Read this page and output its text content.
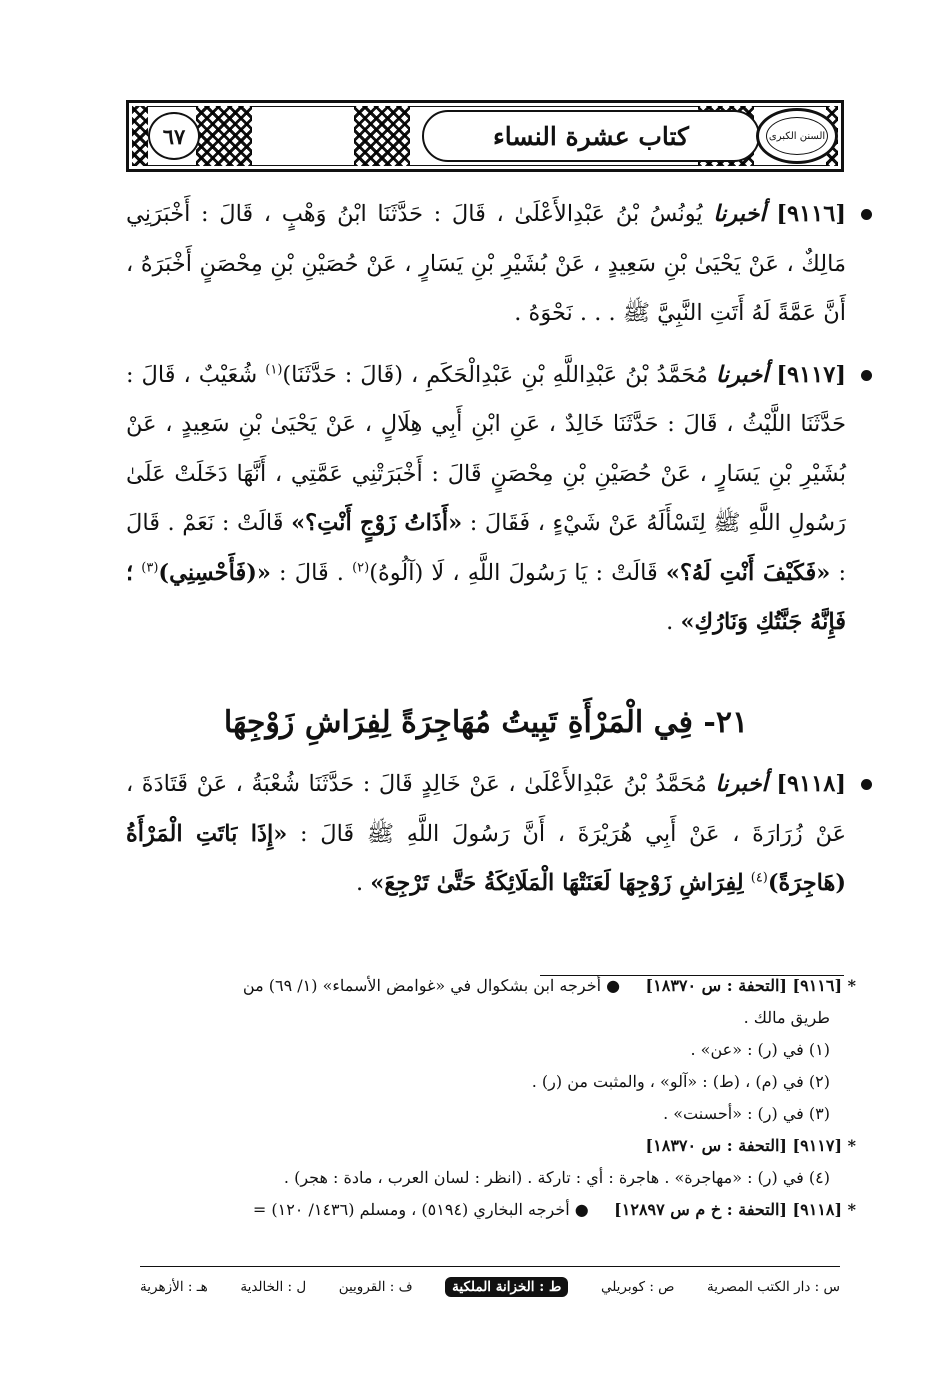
٦٧	كتاب عشرة النساء	السنن الكبرى

[٩١١٦] أخبرنا يُونُسُ بْنُ عَبْدِالأَعْلَىٰ ، قَالَ : حَدَّثَنَا ابْنُ وَهْبٍ ، قَالَ : أَخْبَرَنِي مَالِكٌ ، عَنْ يَحْيَىٰ بْنِ سَعِيدٍ ، عَنْ بُشَيْرِ بْنِ يَسَارٍ ، عَنْ حُصَيْنِ بْنِ مِحْصَنٍ أَخْبَرَهُ ، أَنَّ عَمَّةً لَهُ أَتَتِ النَّبِيَّ ﷺ . . . نَحْوَهُ .

[٩١١٧] أخبرنا مُحَمَّدُ بْنُ عَبْدِاللَّهِ بْنِ عَبْدِالْحَكَمِ ، (قَالَ : حَدَّثَنَا)$^{(١)}$ شُعَيْبٌ ، قَالَ : حَدَّثَنَا اللَّيْثُ ، قَالَ : حَدَّثَنَا خَالِدٌ ، عَنِ ابْنِ أَبِي هِلَالٍ ، عَنْ يَحْيَىٰ بْنِ سَعِيدٍ ، عَنْ بُشَيْرِ بْنِ يَسَارٍ ، عَنْ حُصَيْنِ بْنِ مِحْصَنٍ قَالَ : أَخْبَرَتْنِي عَمَّتِي ، أَنَّهَا دَخَلَتْ عَلَىٰ رَسُولِ اللَّهِ ﷺ لِتَسْأَلَهُ عَنْ شَيْءٍ ، فَقَالَ : «أَذَاتُ زَوْجٍ أَنْتِ؟» قَالَتْ : نَعَمْ . قَالَ : «فَكَيْفَ أَنْتِ لَهُ؟» قَالَتْ : يَا رَسُولَ اللَّهِ ، لَا (آلُوهُ)$^{(٢)}$ . قَالَ : «(فَأَحْسِنِي)$^{(٣)}$ ؛ فَإِنَّهُ جَنَّتُكِ وَنَارُكِ» .

٢١- فِي الْمَرْأَةِ تَبِيتُ مُهَاجِرَةً لِفِرَاشِ زَوْجِهَا

[٩١١٨] أخبرنا مُحَمَّدُ بْنُ عَبْدِالأَعْلَىٰ ، عَنْ خَالِدٍ قَالَ : حَدَّثَنَا شُعْبَةُ ، عَنْ قَتَادَةَ ، عَنْ زُرَارَةَ ، عَنْ أَبِي هُرَيْرَةَ ، أَنَّ رَسُولَ اللَّهِ ﷺ قَالَ : «إِذَا بَاتَتِ الْمَرْأَةُ (هَاجِرَةً)$^{(٤)}$ لِفِرَاشِ زَوْجِهَا لَعَنَتْهَا الْمَلَائِكَةُ حَتَّىٰ تَرْجِعَ» .

* [٩١١٦] [التحفة : س ١٨٣٧٠]     ● أخرجه ابن بشكوال في «غوامض الأسماء» (١/ ٦٩) من
طريق مالك .
(١) في (ر) : «عن» .
(٢) في (م) ، (ط) : «آلو» ، والمثبت من (ر) .
(٣) في (ر) : «أحسنت» .
* [٩١١٧] [التحفة : س ١٨٣٧٠]
(٤) في (ر) : «مهاجرة» . هاجرة : أي : تاركة . (انظر : لسان العرب ، مادة : هجر) .
* [٩١١٨] [التحفة : خ م س ١٢٨٩٧]     ● أخرجه البخاري (٥١٩٤) ، ومسلم (١٤٣٦/ ١٢٠) =
س : دار الكتب المصرية
ص : كوبريلي
ط : الخزانة الملكية
ف : القرويين
ل : الخالدية
هـ : الأزهرية
